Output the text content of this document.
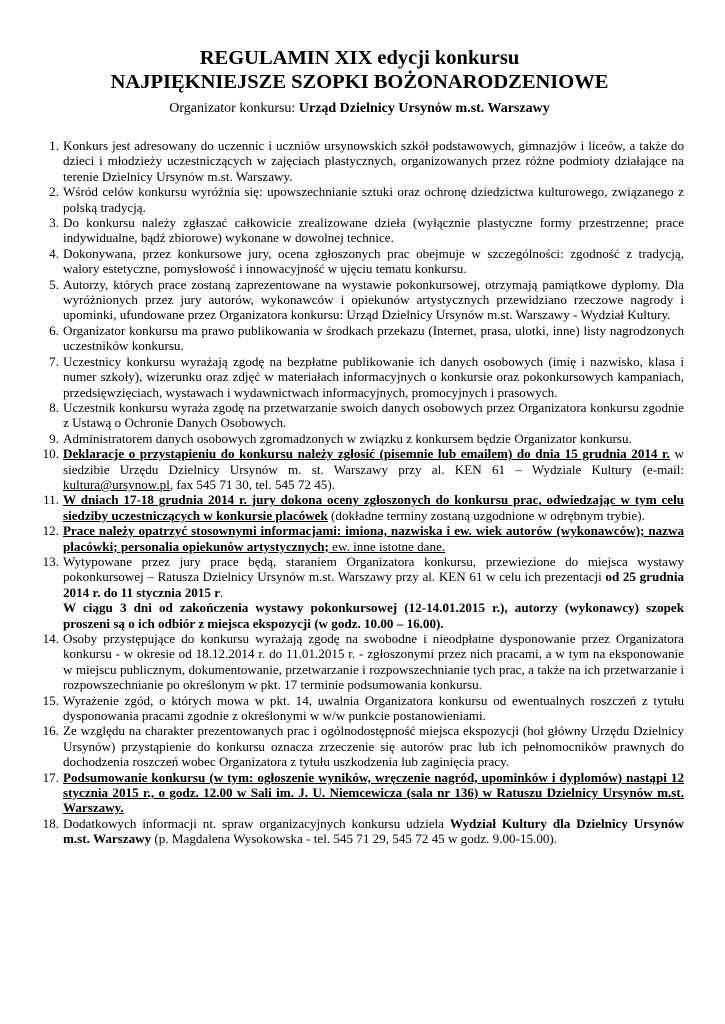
REGULAMIN XIX edycji konkursu
NAJPIĘKNIEJSZE SZOPKI BOŻONARODZENIOWE
Organizator konkursu: Urząd Dzielnicy Ursynów m.st. Warszawy
1. Konkurs jest adresowany do uczennic i uczniów ursynowskich szkół podstawowych, gimnazjów i liceów, a także do dzieci i młodzieży uczestniczących w zajęciach plastycznych, organizowanych przez różne podmioty działające na terenie Dzielnicy Ursynów m.st. Warszawy.
2. Wśród celów konkursu wyróżnia się: upowszechnianie sztuki oraz ochronę dziedzictwa kulturowego, związanego z polską tradycją.
3. Do konkursu należy zgłaszać całkowicie zrealizowane dzieła (wyłącznie plastyczne formy przestrzenne; prace indywidualne, bądź zbiorowe) wykonane w dowolnej technice.
4. Dokonywana, przez konkursowe jury, ocena zgłoszonych prac obejmuje w szczególności: zgodność z tradycją, walory estetyczne, pomysłowość i innowacyjność w ujęciu tematu konkursu.
5. Autorzy, których prace zostaną zaprezentowane na wystawie pokonkursowej, otrzymają pamiątkowe dyplomy. Dla wyróżnionych przez jury autorów, wykonawców i opiekunów artystycznych przewidziano rzeczowe nagrody i upominki, ufundowane przez Organizatora konkursu: Urząd Dzielnicy Ursynów m.st. Warszawy - Wydział Kultury.
6. Organizator konkursu ma prawo publikowania w środkach przekazu (Internet, prasa, ulotki, inne) listy nagrodzonych uczestników konkursu.
7. Uczestnicy konkursu wyrażają zgodę na bezpłatne publikowanie ich danych osobowych (imię i nazwisko, klasa i numer szkoły), wizerunku oraz zdjęć w materiałach informacyjnych o konkursie oraz pokonkursowych kampaniach, przedsięwzięciach, wystawach i wydawnictwach informacyjnych, promocyjnych i prasowych.
8. Uczestnik konkursu wyraża zgodę na przetwarzanie swoich danych osobowych przez Organizatora konkursu zgodnie z Ustawą o Ochronie Danych Osobowych.
9. Administratorem danych osobowych zgromadzonych w związku z konkursem będzie Organizator konkursu.
10. Deklaracje o przystąpieniu do konkursu należy zgłosić (pisemnie lub emailem) do dnia 15 grudnia 2014 r. w siedzibie Urzędu Dzielnicy Ursynów m. st. Warszawy przy al. KEN 61 – Wydziale Kultury (e-mail: kultura@ursynow.pl, fax 545 71 30, tel. 545 72 45).
11. W dniach 17-18 grudnia 2014 r. jury dokona oceny zgłoszonych do konkursu prac, odwiedzając w tym celu siedziby uczestniczących w konkursie placówek (dokładne terminy zostaną uzgodnione w odrębnym trybie).
12. Prace należy opatrzyć stosownymi informacjami: imiona, nazwiska i ew. wiek autorów (wykonawców); nazwa placówki; personalia opiekunów artystycznych; ew. inne istotne dane.
13. Wytypowane przez jury prace będą, staraniem Organizatora konkursu, przewiezione do miejsca wystawy pokonkursowej – Ratusza Dzielnicy Ursynów m.st. Warszawy przy al. KEN 61 w celu ich prezentacji od 25 grudnia 2014 r. do 11 stycznia 2015 r.
W ciągu 3 dni od zakończenia wystawy pokonkursowej (12-14.01.2015 r.), autorzy (wykonawcy) szopek proszeni są o ich odbiór z miejsca ekspozycji (w godz. 10.00 – 16.00).
14. Osoby przystępujące do konkursu wyrażają zgodę na swobodne i nieodpłatne dysponowanie przez Organizatora konkursu - w okresie od 18.12.2014 r. do 11.01.2015 r. - zgłoszonymi przez nich pracami, a w tym na eksponowanie w miejscu publicznym, dokumentowanie, przetwarzanie i rozpowszechnianie tych prac, a także na ich przetwarzanie i rozpowszechnianie po określonym w pkt. 17 terminie podsumowania konkursu.
15. Wyrażenie zgód, o których mowa w pkt. 14, uwalnia Organizatora konkursu od ewentualnych roszczeń z tytułu dysponowania pracami zgodnie z określonymi w w/w punkcie postanowieniami.
16. Ze względu na charakter prezentowanych prac i ogólnodostępność miejsca ekspozycji (hol główny Urzędu Dzielnicy Ursynów) przystąpienie do konkursu oznacza zrzeczenie się autorów prac lub ich pełnomocników prawnych do dochodzenia roszczeń wobec Organizatora z tytułu uszkodzenia lub zaginięcia pracy.
17. Podsumowanie konkursu (w tym: ogłoszenie wyników, wręczenie nagród, upominków i dyplomów) nastąpi 12 stycznia 2015 r., o godz. 12.00 w Sali im. J. U. Niemcewicza (sala nr 136) w Ratuszu Dzielnicy Ursynów m.st. Warszawy.
18. Dodatkowych informacji nt. spraw organizacyjnych konkursu udziela Wydział Kultury dla Dzielnicy Ursynów m.st. Warszawy (p. Magdalena Wysokowska - tel. 545 71 29, 545 72 45 w godz. 9.00-15.00).
